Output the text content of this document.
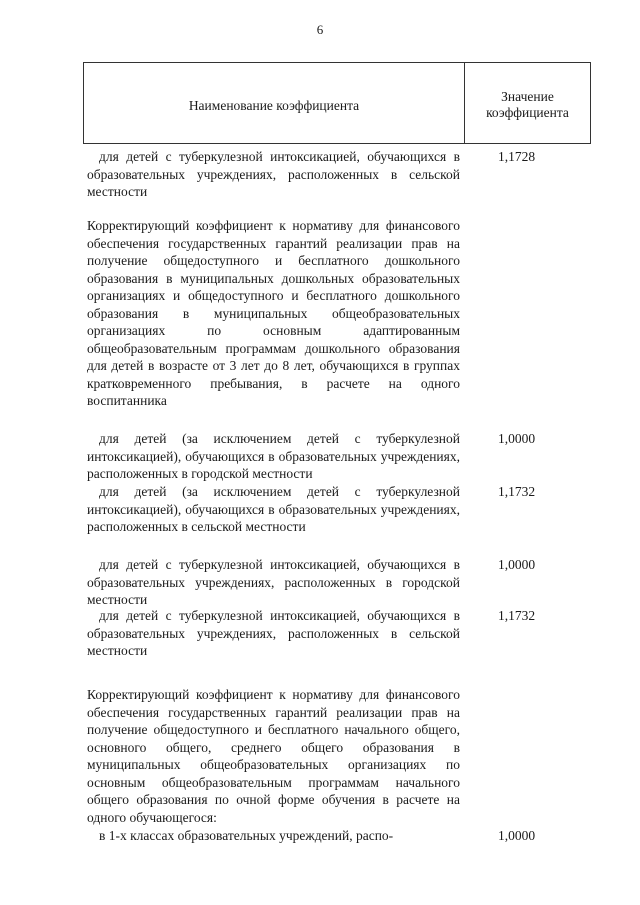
6
Наименование коэффициента
Значение коэффициента
для детей с туберкулезной интоксикацией, обучающихся в образовательных учреждениях, расположенных в сельской местности
1,1728
Корректирующий коэффициент к нормативу для финансового обеспечения государственных гарантий реализации прав на получение общедоступного и бесплатного дошкольного образования в муниципальных дошкольных образовательных организациях и общедоступного и бесплатного дошкольного образования в муниципальных общеобразовательных организациях по основным адаптированным общеобразовательным программам дошкольного образования для детей в возрасте от 3 лет до 8 лет, обучающихся в группах кратковременного пребывания, в расчете на одного воспитанника
для детей (за исключением детей с туберкулезной интоксикацией), обучающихся в образовательных учреждениях, расположенных в городской местности
1,0000
для детей (за исключением детей с туберкулезной интоксикацией), обучающихся в образовательных учреждениях, расположенных в сельской местности
1,1732
для детей с туберкулезной интоксикацией, обучающихся в образовательных учреждениях, расположенных в городской местности
1,0000
для детей с туберкулезной интоксикацией, обучающихся в образовательных учреждениях, расположенных в сельской местности
1,1732
Корректирующий коэффициент к нормативу для финансового обеспечения государственных гарантий реализации прав на получение общедоступного и бесплатного начального общего, основного общего, среднего общего образования в муниципальных общеобразовательных организациях по основным общеобразовательным программам начального общего образования по очной форме обучения в расчете на одного обучающегося:
в 1-х классах образовательных учреждений, распо-	1,0000
